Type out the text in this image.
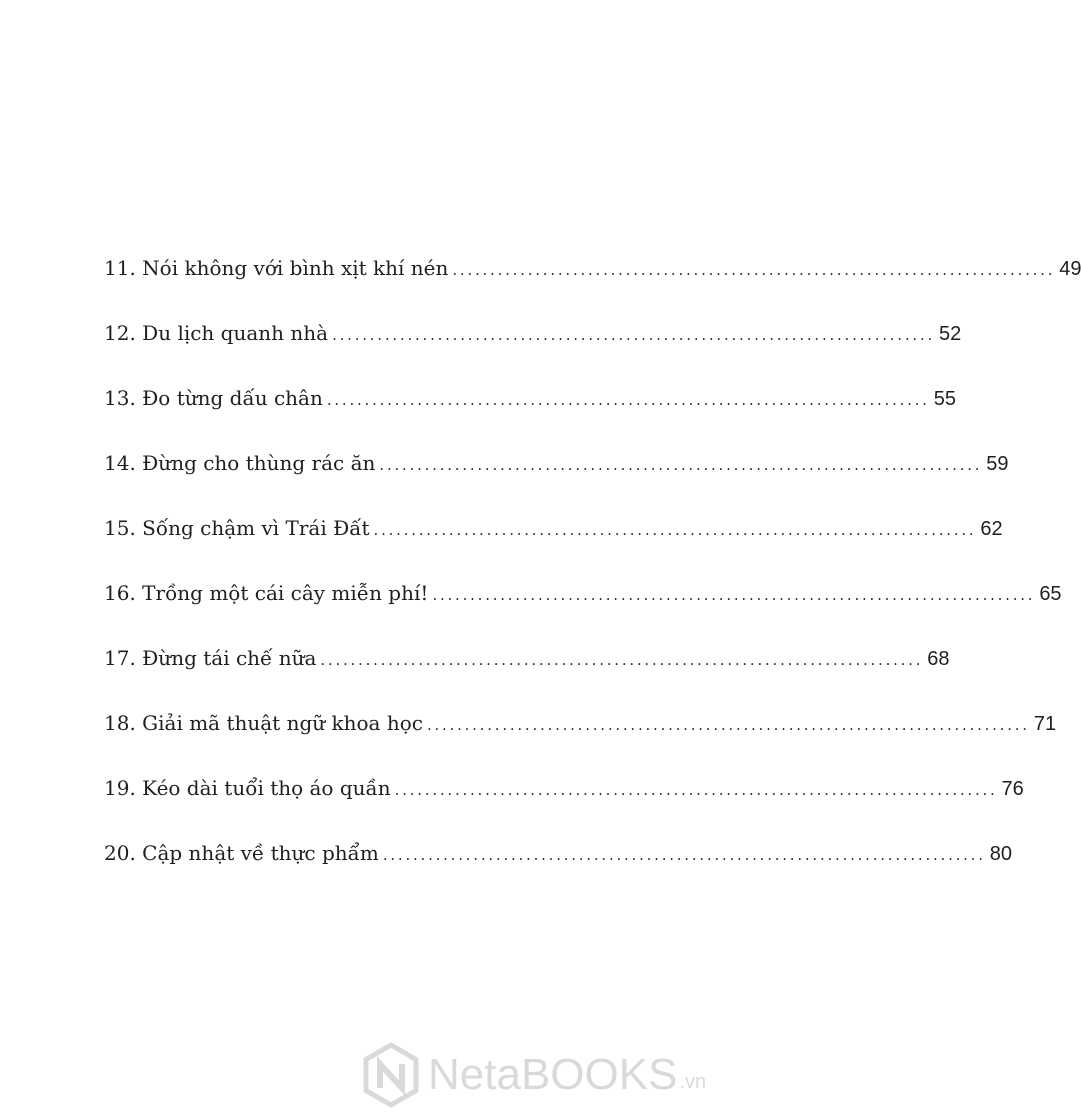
11. Nói không với bình xịt khí nén . . .	49
12. Du lịch quanh nhà . . .	52
13. Đo từng dấu chân . . .	55
14. Đừng cho thùng rác ăn . . .	59
15. Sống chậm vì Trái Đất . . .	62
16. Trồng một cái cây miễn phí! . . .	65
17. Đừng tái chế nữa . . .	68
18. Giải mã thuật ngữ khoa học . . .	71
19. Kéo dài tuổi thọ áo quần . . .	76
20. Cập nhật về thực phẩm . . .	80
NetaBOOKS .vn
